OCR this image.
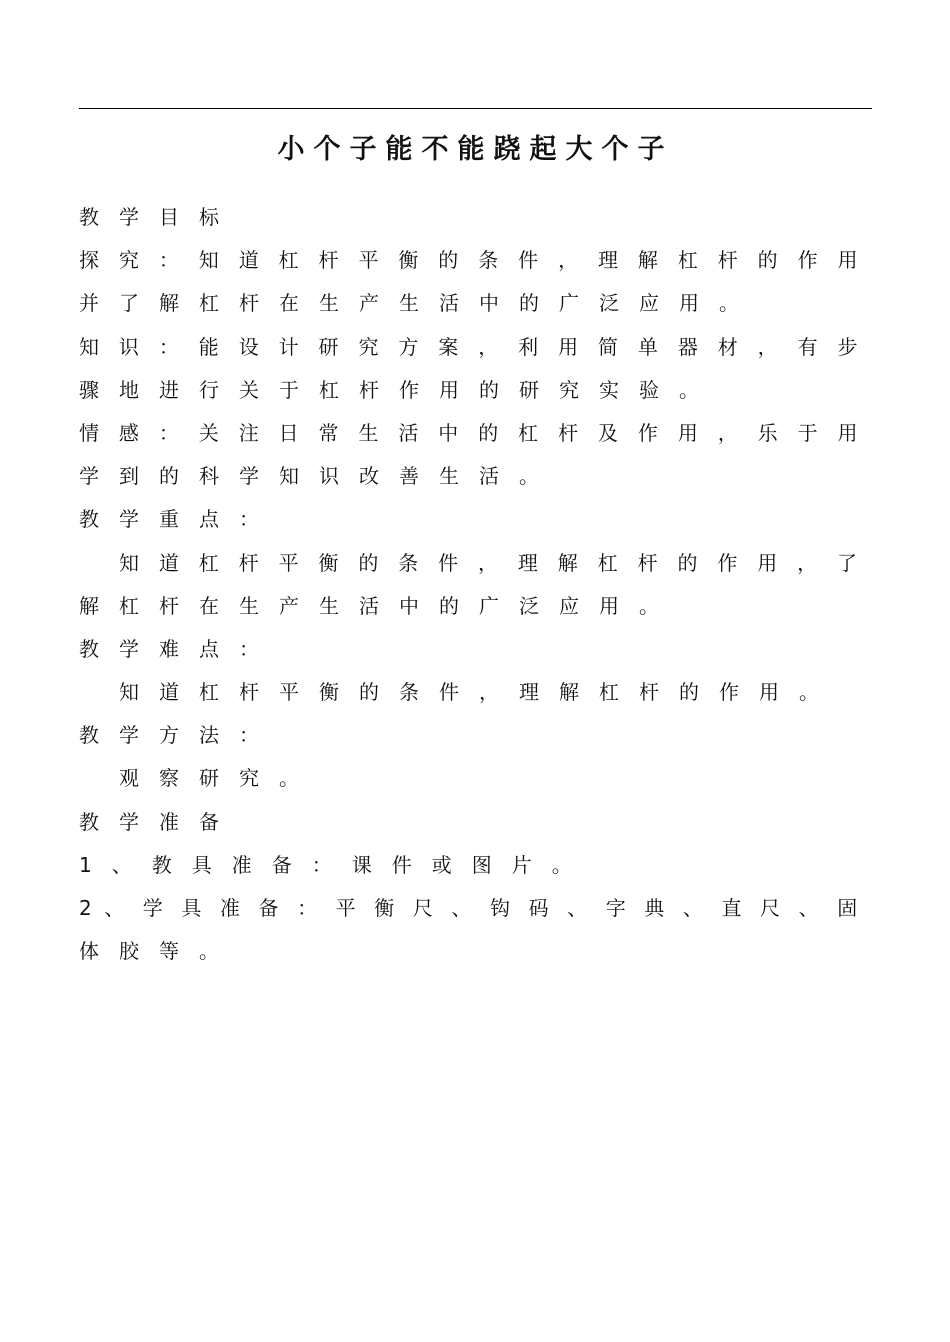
小个子能不能跷起大个子
教学目标
探 究 ： 知 道 杠 杆 平 衡 的 条 件 ， 理 解 杠 杆 的 作 用
并了解杠杆在生产生活中的广泛应用。
知 识 ： 能 设 计 研 究 方 案 ， 利 用 简 单 器 材 ， 有 步
骤地进行关于杠杆作用的研究实验。
情 感 ： 关 注 日 常 生 活 中 的 杠 杆 及 作 用 ， 乐 于 用
学到的科学知识改善生活。
教学重点：
知 道 杠 杆 平 衡 的 条 件 ， 理 解 杠 杆 的 作 用 ， 了
解杠杆在生产生活中的广泛应用。
教学难点：
知道杠杆平衡的条件，理解杠杆的作用。
教学方法：
观察研究。
教学准备
1、教具准备：课件或图片。
2 、 学 具 准 备 ： 平 衡 尺 、 钩 码 、 字 典 、 直 尺 、 固
体胶等。
